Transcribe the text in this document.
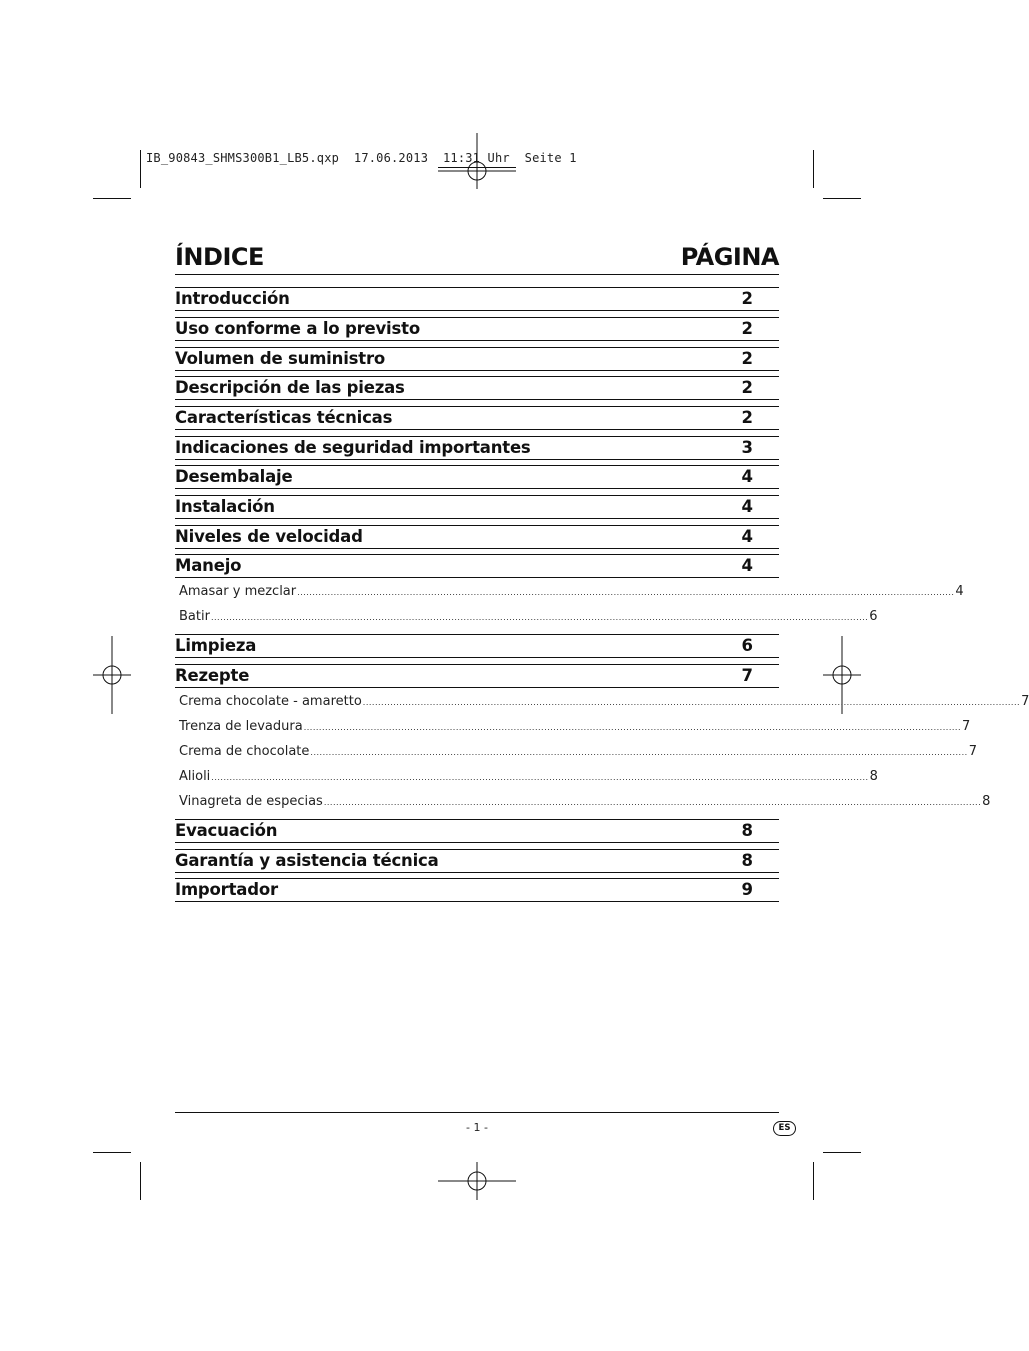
IB_90843_SHMS300B1_LB5.qxp  17.06.2013  11:31 Uhr  Seite 1
ÍNDICE	PÁGINA
Introducción	2
Uso conforme a lo previsto	2
Volumen de suministro	2
Descripción de las piezas	2
Características técnicas	2
Indicaciones de seguridad importantes	3
Desembalaje	4
Instalación	4
Niveles de velocidad	4
Manejo	4
Amasar y mezclar ........................................................................................................................................................................................................................ 4
Batir ........................................................................................................................................................................................................................ 6
Limpieza	6
Rezepte	7
Crema chocolate - amaretto ........................................................................................................................................................................................................................ 7
Trenza de levadura ........................................................................................................................................................................................................................ 7
Crema de chocolate ........................................................................................................................................................................................................................ 7
Alioli ........................................................................................................................................................................................................................ 8
Vinagreta de especias ........................................................................................................................................................................................................................ 8
Evacuación	8
Garantía y asistencia técnica	8
Importador	9
- 1 -	ES
